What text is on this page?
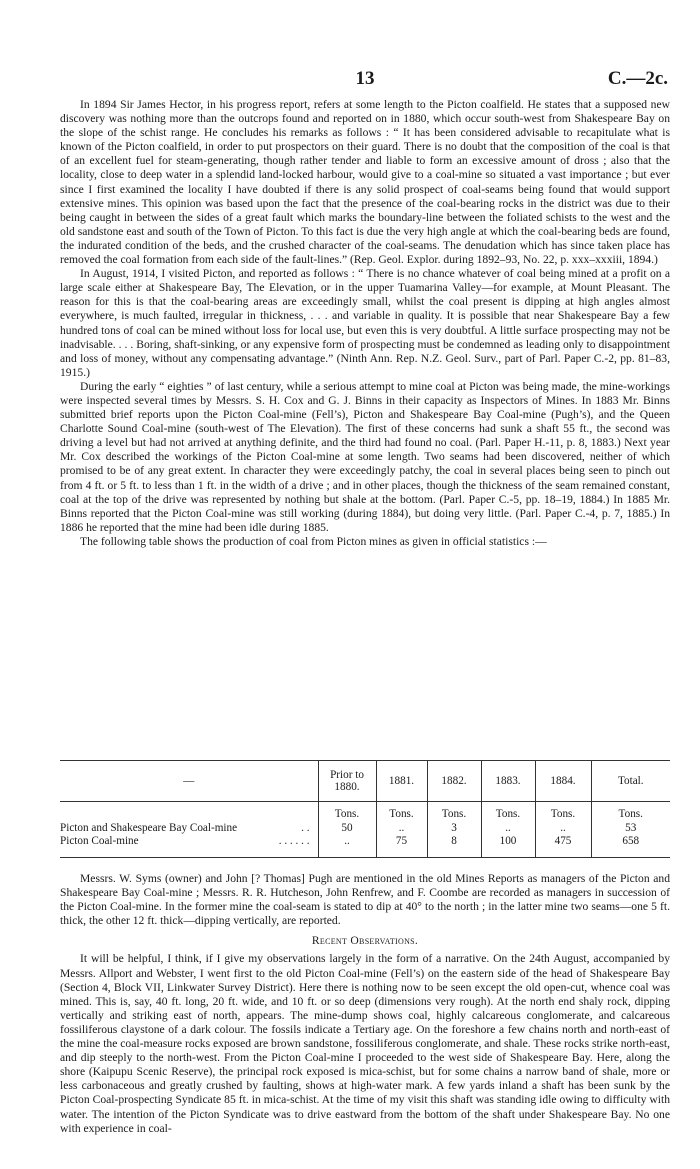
13	C.—2c.

In 1894 Sir James Hector, in his progress report, refers at some length to the Picton coalfield. He states that a supposed new discovery was nothing more than the outcrops found and reported on in 1880, which occur south-west from Shakespeare Bay on the slope of the schist range. He concludes his remarks as follows : “ It has been considered advisable to recapitulate what is known of the Picton coalfield, in order to put prospectors on their guard. There is no doubt that the composition of the coal is that of an excellent fuel for steam-generating, though rather tender and liable to form an excessive amount of dross ; also that the locality, close to deep water in a splendid land-locked harbour, would give to a coal-mine so situated a vast importance ; but ever since I first examined the locality I have doubted if there is any solid prospect of coal-seams being found that would support extensive mines. This opinion was based upon the fact that the presence of the coal-bearing rocks in the district was due to their being caught in between the sides of a great fault which marks the boundary-line between the foliated schists to the west and the old sandstone east and south of the Town of Picton. To this fact is due the very high angle at which the coal-bearing beds are found, the indurated condition of the beds, and the crushed character of the coal-seams. The denudation which has since taken place has removed the coal formation from each side of the fault-lines.” (Rep. Geol. Explor. during 1892–93, No. 22, p. xxx–xxxiii, 1894.)

In August, 1914, I visited Picton, and reported as follows : “ There is no chance whatever of coal being mined at a profit on a large scale either at Shakespeare Bay, The Elevation, or in the upper Tuamarina Valley—for example, at Mount Pleasant. The reason for this is that the coal-bearing areas are exceedingly small, whilst the coal present is dipping at high angles almost everywhere, is much faulted, irregular in thickness, . . . and variable in quality. It is possible that near Shakespeare Bay a few hundred tons of coal can be mined without loss for local use, but even this is very doubtful. A little surface prospecting may not be inadvisable. . . . Boring, shaft-sinking, or any expensive form of prospecting must be condemned as leading only to disappointment and loss of money, without any compensating advantage.” (Ninth Ann. Rep. N.Z. Geol. Surv., part of Parl. Paper C.-2, pp. 81–83, 1915.)

During the early “ eighties ” of last century, while a serious attempt to mine coal at Picton was being made, the mine-workings were inspected several times by Messrs. S. H. Cox and G. J. Binns in their capacity as Inspectors of Mines. In 1883 Mr. Binns submitted brief reports upon the Picton Coal-mine (Fell’s), Picton and Shakespeare Bay Coal-mine (Pugh’s), and the Queen Charlotte Sound Coal-mine (south-west of The Elevation). The first of these concerns had sunk a shaft 55 ft., the second was driving a level but had not arrived at anything definite, and the third had found no coal. (Parl. Paper H.-11, p. 8, 1883.) Next year Mr. Cox described the workings of the Picton Coal-mine at some length. Two seams had been discovered, neither of which promised to be of any great extent. In character they were exceedingly patchy, the coal in several places being seen to pinch out from 4 ft. or 5 ft. to less than 1 ft. in the width of a drive ; and in other places, though the thickness of the seam remained constant, coal at the top of the drive was represented by nothing but shale at the bottom. (Parl. Paper C.-5, pp. 18–19, 1884.) In 1885 Mr. Binns reported that the Picton Coal-mine was still working (during 1884), but doing very little. (Parl. Paper C.-4, p. 7, 1885.) In 1886 he reported that the mine had been idle during 1885.

The following table shows the production of coal from Picton mines as given in official statistics :—

—	Prior to 1880.	1881.	1882.	1883.	1884.	Total.
	Tons.	Tons.	Tons.	Tons.	Tons.	Tons.
Picton and Shakespeare Bay Coal-mine . .	50	..	3	..	..	53
Picton Coal-mine . . . . . .	..	75	8	100	475	658

Messrs. W. Syms (owner) and John [? Thomas] Pugh are mentioned in the old Mines Reports as managers of the Picton and Shakespeare Bay Coal-mine ; Messrs. R. R. Hutcheson, John Renfrew, and F. Coombe are recorded as managers in succession of the Picton Coal-mine. In the former mine the coal-seam is stated to dip at 40° to the north ; in the latter mine two seams—one 5 ft. thick, the other 12 ft. thick—dipping vertically, are reported.

Recent Observations.

It will be helpful, I think, if I give my observations largely in the form of a narrative. On the 24th August, accompanied by Messrs. Allport and Webster, I went first to the old Picton Coal-mine (Fell’s) on the eastern side of the head of Shakespeare Bay (Section 4, Block VII, Linkwater Survey District). Here there is nothing now to be seen except the old open-cut, whence coal was mined. This is, say, 40 ft. long, 20 ft. wide, and 10 ft. or so deep (dimensions very rough). At the north end shaly rock, dipping vertically and striking east of north, appears. The mine-dump shows coal, highly calcareous conglomerate, and calcareous fossiliferous claystone of a dark colour. The fossils indicate a Tertiary age. On the foreshore a few chains north and north-east of the mine the coal-measure rocks exposed are brown sandstone, fossiliferous conglomerate, and shale. These rocks strike north-east, and dip steeply to the north-west. From the Picton Coal-mine I proceeded to the west side of Shakespeare Bay. Here, along the shore (Kaipupu Scenic Reserve), the principal rock exposed is mica-schist, but for some chains a narrow band of shale, more or less carbonaceous and greatly crushed by faulting, shows at high-water mark. A few yards inland a shaft has been sunk by the Picton Coal-prospecting Syndicate 85 ft. in mica-schist. At the time of my visit this shaft was standing idle owing to difficulty with water. The intention of the Picton Syndicate was to drive eastward from the bottom of the shaft under Shakespeare Bay. No one with experience in coal-
